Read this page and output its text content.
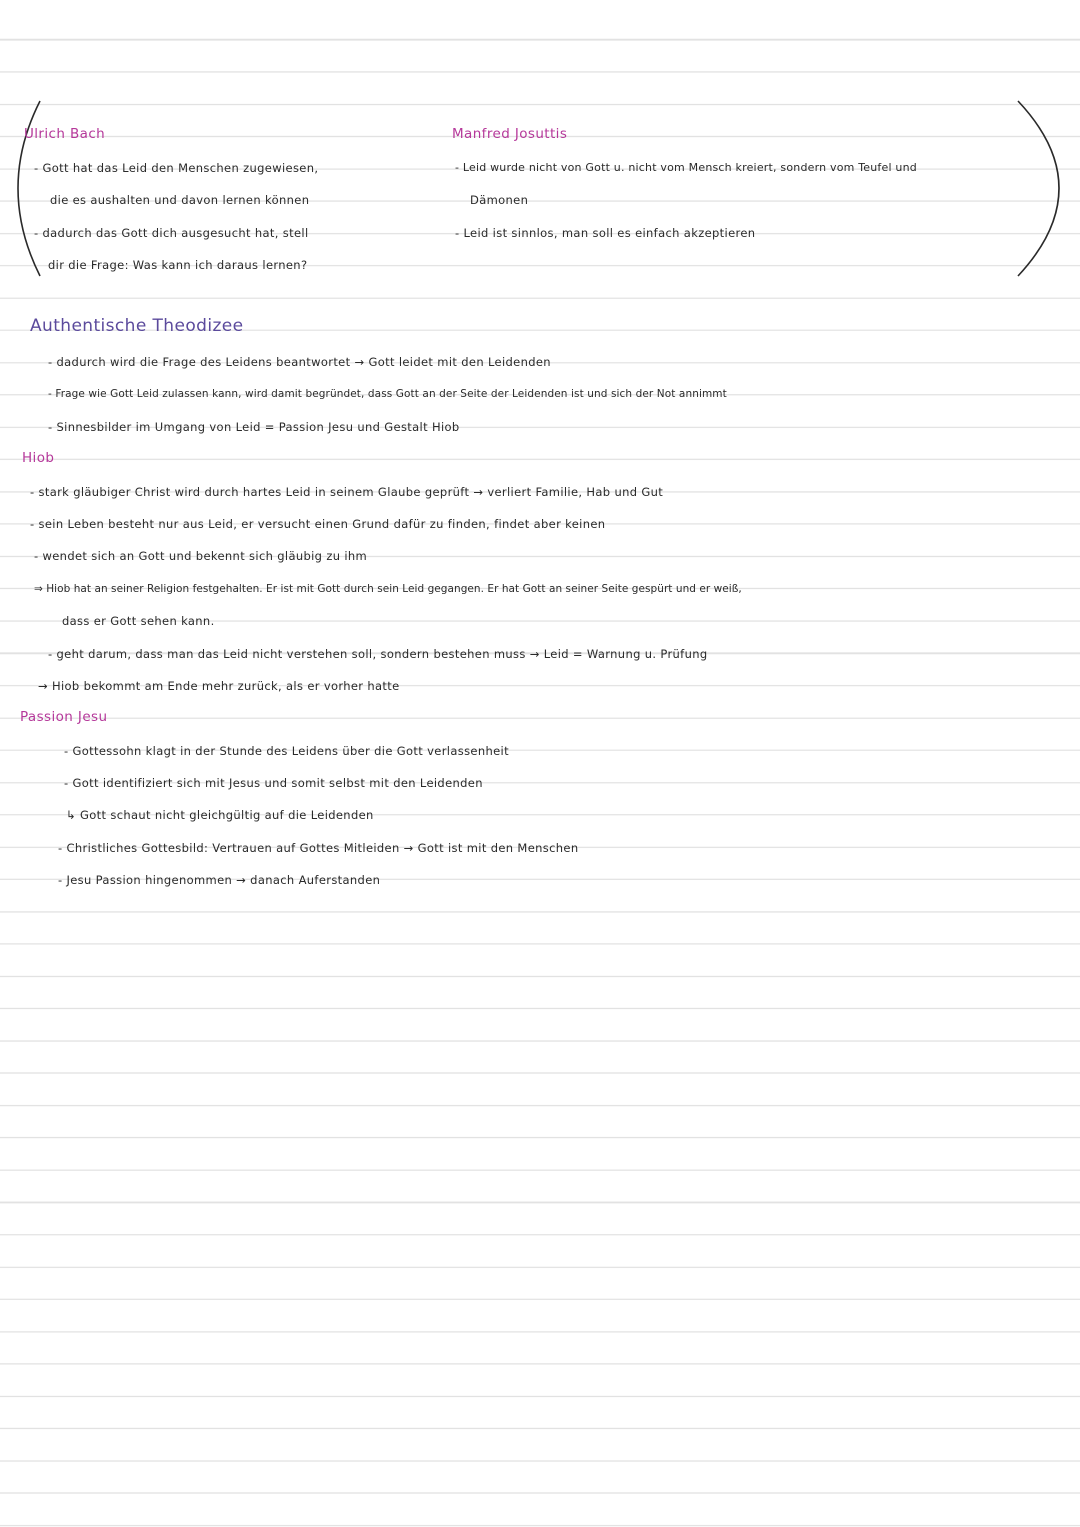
Ulrich Bach
- Gott hat das Leid den Menschen zugewiesen,
die es aushalten und davon lernen können
- dadurch das Gott dich ausgesucht hat, stell
dir die Frage: Was kann ich daraus lernen?
Manfred Josuttis
- Leid wurde nicht von Gott u. nicht vom Mensch kreiert, sondern vom Teufel und
Dämonen
- Leid ist sinnlos, man soll es einfach akzeptieren
Authentische Theodizee
- dadurch wird die Frage des Leidens beantwortet → Gott leidet mit den Leidenden
- Frage wie Gott Leid zulassen kann, wird damit begründet, dass Gott an der Seite der Leidenden ist und sich der Not annimmt
- Sinnesbilder im Umgang von Leid = Passion Jesu und Gestalt Hiob
Hiob
- stark gläubiger Christ wird durch hartes Leid in seinem Glaube geprüft → verliert Familie, Hab und Gut
- sein Leben besteht nur aus Leid, er versucht einen Grund dafür zu finden, findet aber keinen
- wendet sich an Gott und bekennt sich gläubig zu ihm
⇒ Hiob hat an seiner Religion festgehalten. Er ist mit Gott durch sein Leid gegangen. Er hat Gott an seiner Seite gespürt und er weiß,
dass er Gott sehen kann.
- geht darum, dass man das Leid nicht verstehen soll, sondern bestehen muss → Leid = Warnung u. Prüfung
→ Hiob bekommt am Ende mehr zurück, als er vorher hatte
Passion Jesu
- Gottessohn klagt in der Stunde des Leidens über die Gott verlassenheit
- Gott identifiziert sich mit Jesus und somit selbst mit den Leidenden
↳ Gott schaut nicht gleichgültig auf die Leidenden
- Christliches Gottesbild: Vertrauen auf Gottes Mitleiden → Gott ist mit den Menschen
- Jesu Passion hingenommen → danach Auferstanden
